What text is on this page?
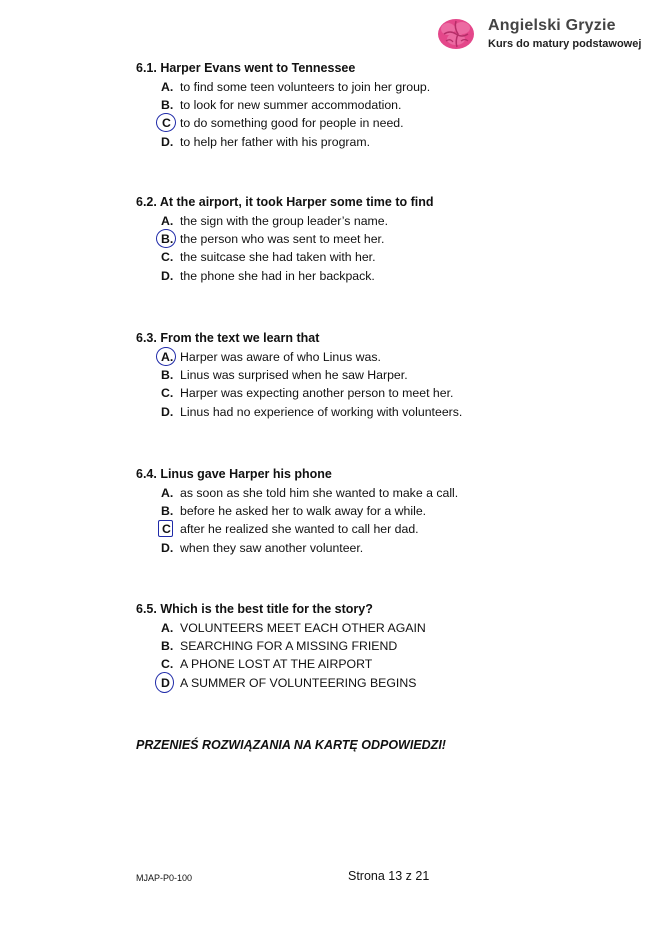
Angielski Gryzie
Kurs do matury podstawowej
6.1. Harper Evans went to Tennessee
A. to find some teen volunteers to join her group.
B. to look for new summer accommodation.
C to do something good for people in need.
D. to help her father with his program.
6.2. At the airport, it took Harper some time to find
A. the sign with the group leader’s name.
B. the person who was sent to meet her.
C. the suitcase she had taken with her.
D. the phone she had in her backpack.
6.3. From the text we learn that
A. Harper was aware of who Linus was.
B. Linus was surprised when he saw Harper.
C. Harper was expecting another person to meet her.
D. Linus had no experience of working with volunteers.
6.4. Linus gave Harper his phone
A. as soon as she told him she wanted to make a call.
B. before he asked her to walk away for a while.
C after he realized she wanted to call her dad.
D. when they saw another volunteer.
6.5. Which is the best title for the story?
A. VOLUNTEERS MEET EACH OTHER AGAIN
B. SEARCHING FOR A MISSING FRIEND
C. A PHONE LOST AT THE AIRPORT
D A SUMMER OF VOLUNTEERING BEGINS
PRZENIEŚ ROZWIĄZANIA NA KARTĘ ODPOWIEDZI!
MJAP-P0-100	Strona 13 z 21
